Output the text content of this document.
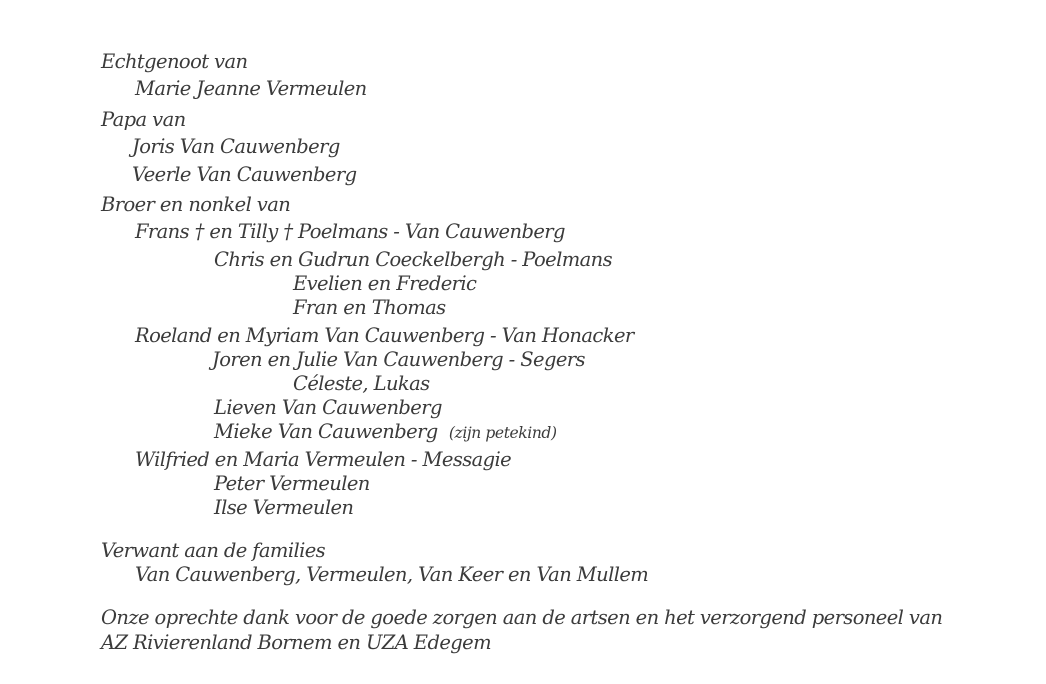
Echtgenoot van
Marie Jeanne Vermeulen
Papa van
Joris Van Cauwenberg
Veerle Van Cauwenberg
Broer en nonkel van
Frans † en Tilly † Poelmans - Van Cauwenberg
Chris en Gudrun Coeckelbergh - Poelmans
Evelien en Frederic
Fran en Thomas
Roeland en Myriam Van Cauwenberg - Van Honacker
Joren en Julie Van Cauwenberg - Segers
Céleste, Lukas
Lieven Van Cauwenberg
Mieke Van Cauwenberg (zijn petekind)
Wilfried en Maria Vermeulen - Messagie
Peter Vermeulen
Ilse Vermeulen
Verwant aan de families
Van Cauwenberg, Vermeulen, Van Keer en Van Mullem
Onze oprechte dank voor de goede zorgen aan de artsen en het verzorgend personeel van
AZ Rivierenland Bornem en UZA Edegem
